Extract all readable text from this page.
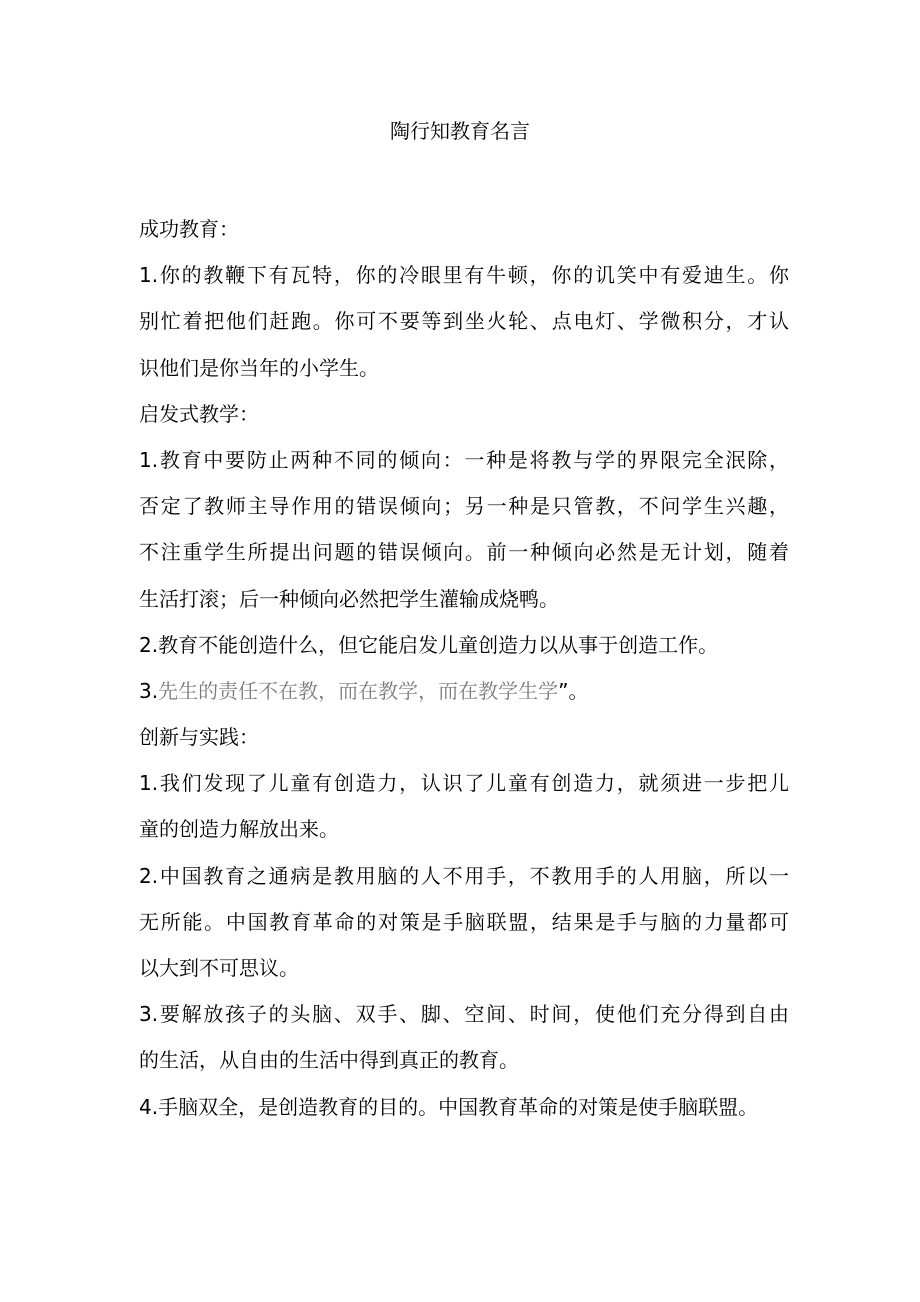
陶行知教育名言
成功教育：
1.你的教鞭下有瓦特，你的冷眼里有牛顿，你的讥笑中有爱迪生。你
别忙着把他们赶跑。你可不要等到坐火轮、点电灯、学微积分，才认
识他们是你当年的小学生。
启发式教学：
1.教育中要防止两种不同的倾向：一种是将教与学的界限完全泯除，
否定了教师主导作用的错误倾向；另一种是只管教，不问学生兴趣，
不注重学生所提出问题的错误倾向。前一种倾向必然是无计划，随着
生活打滚；后一种倾向必然把学生灌输成烧鸭。
2.教育不能创造什么，但它能启发儿童创造力以从事于创造工作。
3.先生的责任不在教，而在教学，而在教学生学”。
创新与实践：
1.我们发现了儿童有创造力，认识了儿童有创造力，就须进一步把儿
童的创造力解放出来。
2.中国教育之通病是教用脑的人不用手，不教用手的人用脑，所以一
无所能。中国教育革命的对策是手脑联盟，结果是手与脑的力量都可
以大到不可思议。
3.要解放孩子的头脑、双手、脚、空间、时间，使他们充分得到自由
的生活，从自由的生活中得到真正的教育。
4.手脑双全，是创造教育的目的。中国教育革命的对策是使手脑联盟。
